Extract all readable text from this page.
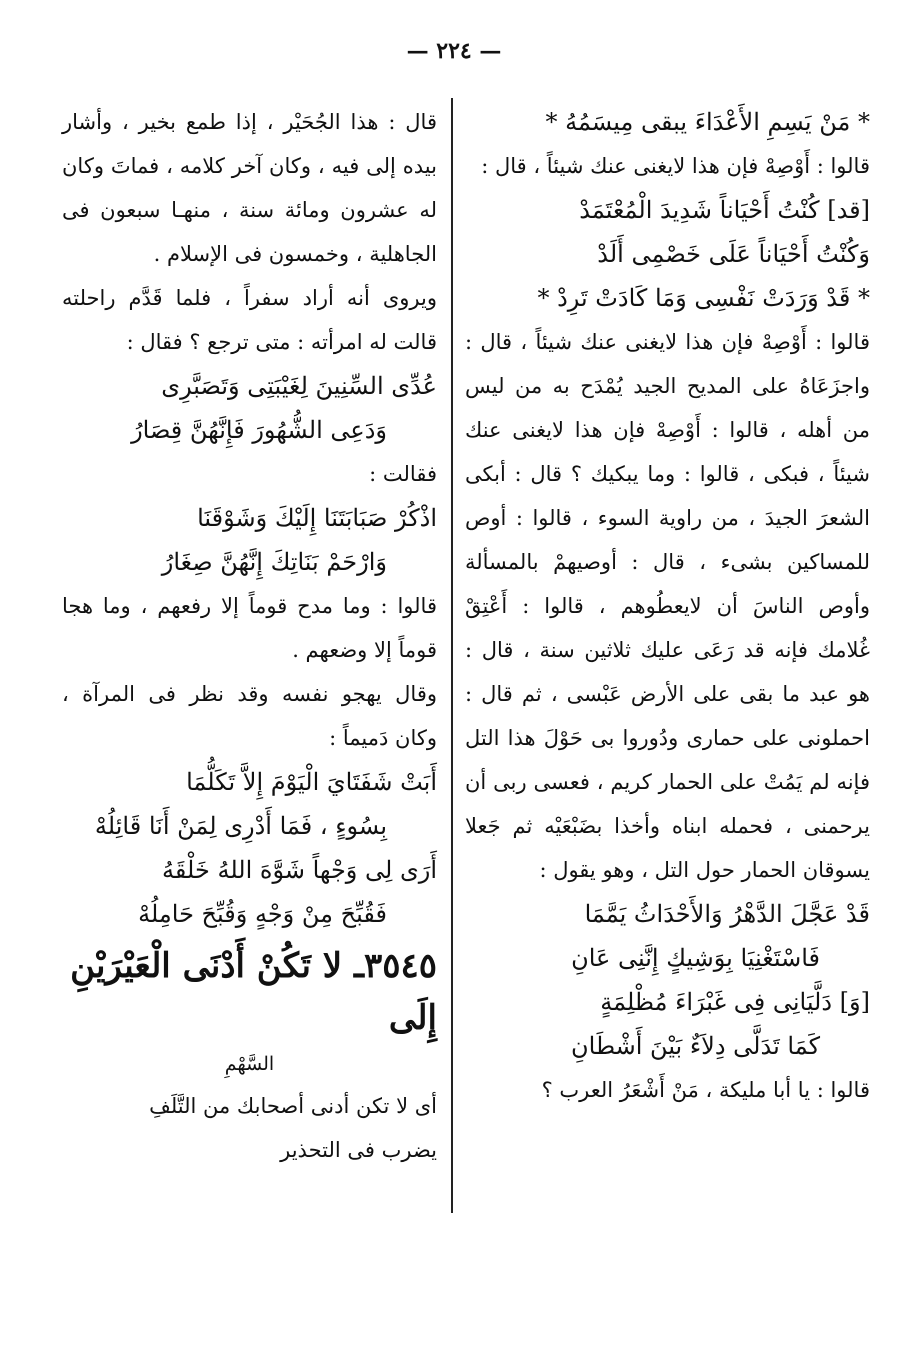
— ٢٢٤ —
* مَنْ يَسِمِ الأَعْدَاءَ يبقى مِيسَمُهُ *
قالوا : أَوْصِهْ فإن هذا لايغنى عنك شيئاً ، قال :
[قد] كُنْتُ أَحْيَاناً شَدِيدَ الْمُعْتَمَدْ
وَكُنْتُ أَحْيَاناً عَلَى خَصْمِى أَلَدْ
* قَدْ وَرَدَتْ نَفْسِى وَمَا كَادَتْ تَرِدْ *
قالوا : أَوْصِهْ فإن هذا لايغنى عنك شيئاً ، قال : واجزَعَاهُ على المديح الجيد يُمْدَح به من ليس من أهله ، قالوا : أَوْصِهْ فإن هذا لايغنى عنك شيئاً ، فبكى ، قالوا : وما يبكيك ؟ قال : أبكى الشعرَ الجيدَ ، من راوية السوء ، قالوا : أوص للمساكين بشىء ، قال : أوصيهمْ بالمسألة وأوص الناسَ أن لايعطُوهم ، قالوا : أَعْتِقْ غُلامك فإنه قد رَعَى عليك ثلاثين سنة ، قال : هو عبد ما بقى على الأرض عَبْسى ، ثم قال : احملونى على حمارى ودُوروا بى حَوْلَ هذا التل فإنه لم يَمُتْ على الحمار كريم ، فعسى ربى أن يرحمنى ، فحمله ابناه وأخذا بضَبْعَيْه ثم جَعلا يسوقان الحمار حول التل ، وهو يقول :
قَدْ عَجَّلَ الدَّهْرُ وَالأَحْدَاثُ يَمَّمَا
فَاسْتَغْنِيَا بِوَشِيكٍ إِنَّنِى عَانِ
[وَ] دَلَّيَانِى فِى غَبْرَاءَ مُظْلِمَةٍ
كَمَا تَدَلَّى دِلاَءٌ بَيْنَ أَشْطَانِ
قالوا : يا أبا مليكة ، مَنْ أَشْعَرُ العرب ؟
قال : هذا الجُحَيْر ، إذا طمع بخير ، وأشار بيده إلى فيه ، وكان آخر كلامه ، فماتَ وكان له عشرون ومائة سنة ، منهـا سبعون فى الجاهلية ، وخمسون فى الإسلام .
ويروى أنه أراد سفراً ، فلما قَدَّم راحلته قالت له امرأته : متى ترجع ؟ فقال :
عُدِّى السِّنِينَ لِغَيْبَتِى وَتَصَبَّرِى
وَدَعِى الشُّهُورَ فَإِنَّهُنَّ قِصَارُ
فقالت :
اذْكُرْ صَبَابَتَنَا إِلَيْكَ وَشَوْقَنَا
وَارْحَمْ بَنَاتِكَ إِنَّهُنَّ صِغَارُ
قالوا : وما مدح قوماً إلا رفعهم ، وما هجا قوماً إلا وضعهم .
وقال يهجو نفسه وقد نظر فى المرآة ، وكان دَميماً :
أَبَتْ شَفَتَايَ الْيَوْمَ إِلاَّ تَكَلُّمَا
بِسُوءٍ ، فَمَا أَدْرِى لِمَنْ أَنَا قَائِلُهْ
أَرَى لِى وَجْهاً شَوَّهَ اللهُ خَلْقَهُ
فَقُبِّحَ مِنْ وَجْهٍ وَقُبِّحَ حَامِلُهْ
٣٥٤٥ـ لا تَكُنْ أَدْنَى الْعَيْرَيْنِ إِلَى
السَّهْمِ
أى لا تكن أدنى أصحابك من التَّلَفِ
يضرب فى التحذير
